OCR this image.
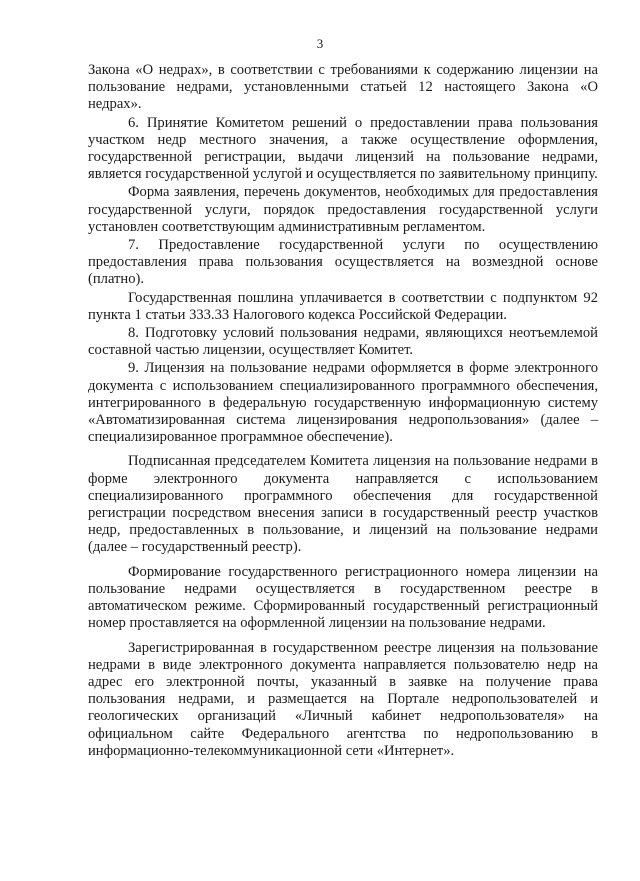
3

Закона «О недрах», в соответствии с требованиями к содержанию лицензии на пользование недрами, установленными статьей 12 настоящего Закона «О недрах».

6. Принятие Комитетом решений о предоставлении права пользования участком недр местного значения, а также осуществление оформления, государственной регистрации, выдачи лицензий на пользование недрами, является государственной услугой и осуществляется по заявительному принципу.

Форма заявления, перечень документов, необходимых для предоставления государственной услуги, порядок предоставления государственной услуги установлен соответствующим административным регламентом.

7. Предоставление государственной услуги по осуществлению предоставления права пользования осуществляется на возмездной основе (платно).

Государственная пошлина уплачивается в соответствии с подпунктом 92 пункта 1 статьи 333.33 Налогового кодекса Российской Федерации.

8. Подготовку условий пользования недрами, являющихся неотъемлемой составной частью лицензии, осуществляет Комитет.

9. Лицензия на пользование недрами оформляется в форме электронного документа с использованием специализированного программного обеспечения, интегрированного в федеральную государственную информационную систему «Автоматизированная система лицензирования недропользования» (далее – специализированное программное обеспечение).

Подписанная председателем Комитета лицензия на пользование недрами в форме электронного документа направляется с использованием специализированного программного обеспечения для государственной регистрации посредством внесения записи в государственный реестр участков недр, предоставленных в пользование, и лицензий на пользование недрами (далее – государственный реестр).

Формирование государственного регистрационного номера лицензии на пользование недрами осуществляется в государственном реестре в автоматическом режиме. Сформированный государственный регистрационный номер проставляется на оформленной лицензии на пользование недрами.

Зарегистрированная в государственном реестре лицензия на пользование недрами в виде электронного документа направляется пользователю недр на адрес его электронной почты, указанный в заявке на получение права пользования недрами, и размещается на Портале недропользователей и геологических организаций «Личный кабинет недропользователя» на официальном сайте Федерального агентства по недропользованию в информационно-телекоммуникационной сети «Интернет».
